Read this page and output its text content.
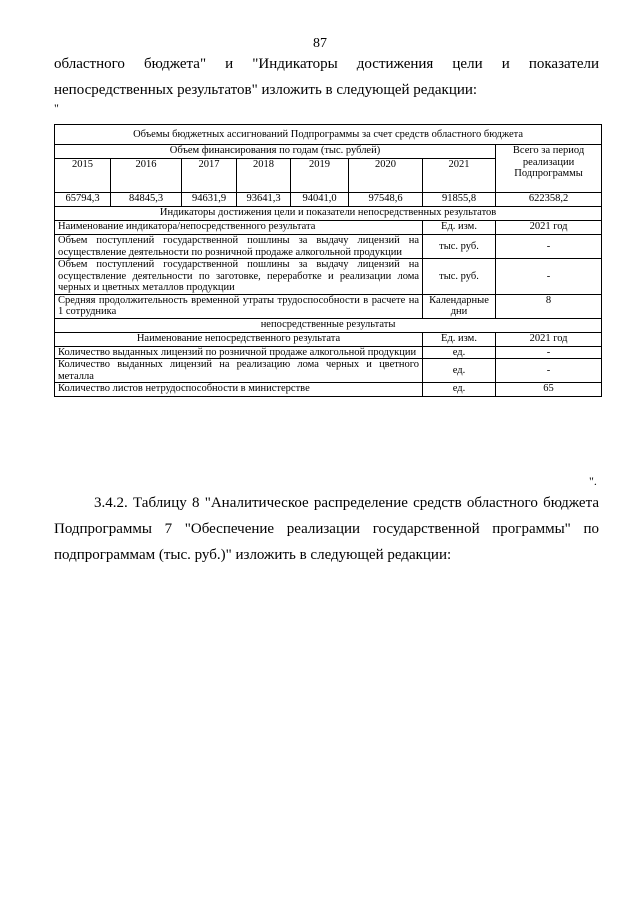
87
областного бюджета" и "Индикаторы достижения цели и показатели непосредственных результатов" изложить в следующей редакции:
"
Объемы бюджетных ассигнований Подпрограммы за счет средств областного бюджета							
Объем финансирования по годам (тыс. рублей)							Всего за период реализации Подпрограммы
2015	2016	2017	2018	2019	2020	2021	
65794,3	84845,3	94631,9	93641,3	94041,0	97548,6	91855,8	622358,2
Индикаторы достижения цели и показатели непосредственных результатов							
Наименование индикатора/непосредственного результата						Ед. изм.	2021 год
Объем поступлений государственной пошлины за выдачу лицензий на осуществление деятельности по розничной продаже алкогольной продукции						тыс. руб.	-
Объем поступлений государственной пошлины за выдачу лицензий на осуществление деятельности по заготовке, переработке и реализации лома черных и цветных металлов продукции						тыс. руб.	-
Средняя продолжительность временной утраты трудоспособности в расчете на 1 сотрудника						Календарные дни	8
непосредственные результаты							
Наименование непосредственного результата						Ед. изм.	2021 год
Количество выданных лицензий по розничной продаже алкогольной продукции						ед.	-
Количество выданных лицензий на реализацию лома черных и цветного металла						ед.	-
Количество листов нетрудоспособности в министерстве						ед.	65
".
3.4.2. Таблицу 8 "Аналитическое распределение средств областного бюджета Подпрограммы 7 "Обеспечение реализации государственной программы" по подпрограммам (тыс. руб.)" изложить в следующей редакции:
